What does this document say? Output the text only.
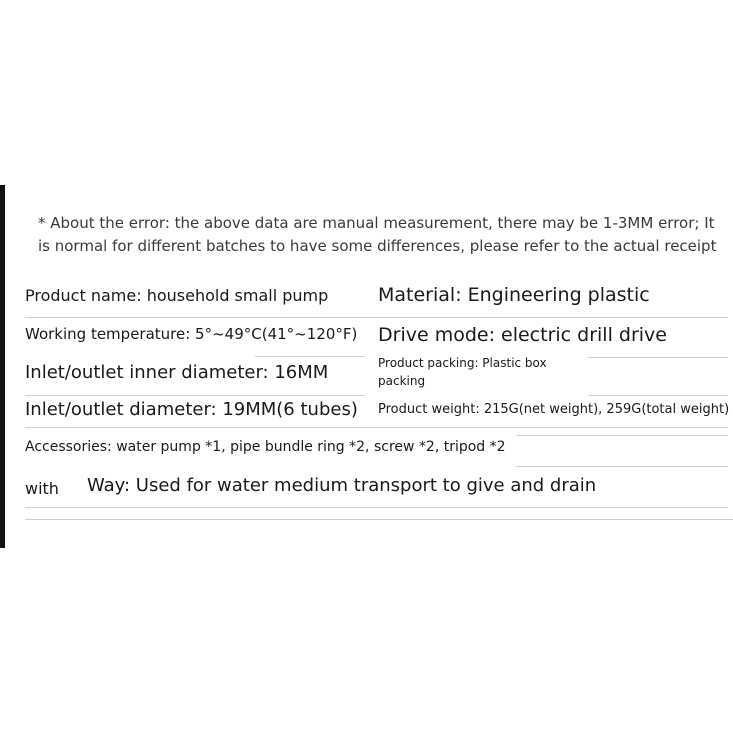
* About the error: the above data are manual measurement, there may be 1-3MM error; It
is normal for different batches to have some differences, please refer to the actual receipt
Product name: household small pump	Material: Engineering plastic
Working temperature: 5°~49°C(41°~120°F) Drive mode: electric drill drive
Inlet/outlet inner diameter: 16MM	Product packing: Plastic box
packing
Inlet/outlet diameter: 19MM(6 tubes) Product weight: 215G(net weight), 259G(total weight)
Accessories: water pump *1, pipe bundle ring *2, screw *2, tripod *2
with Way: Used for water medium transport to give and drain
